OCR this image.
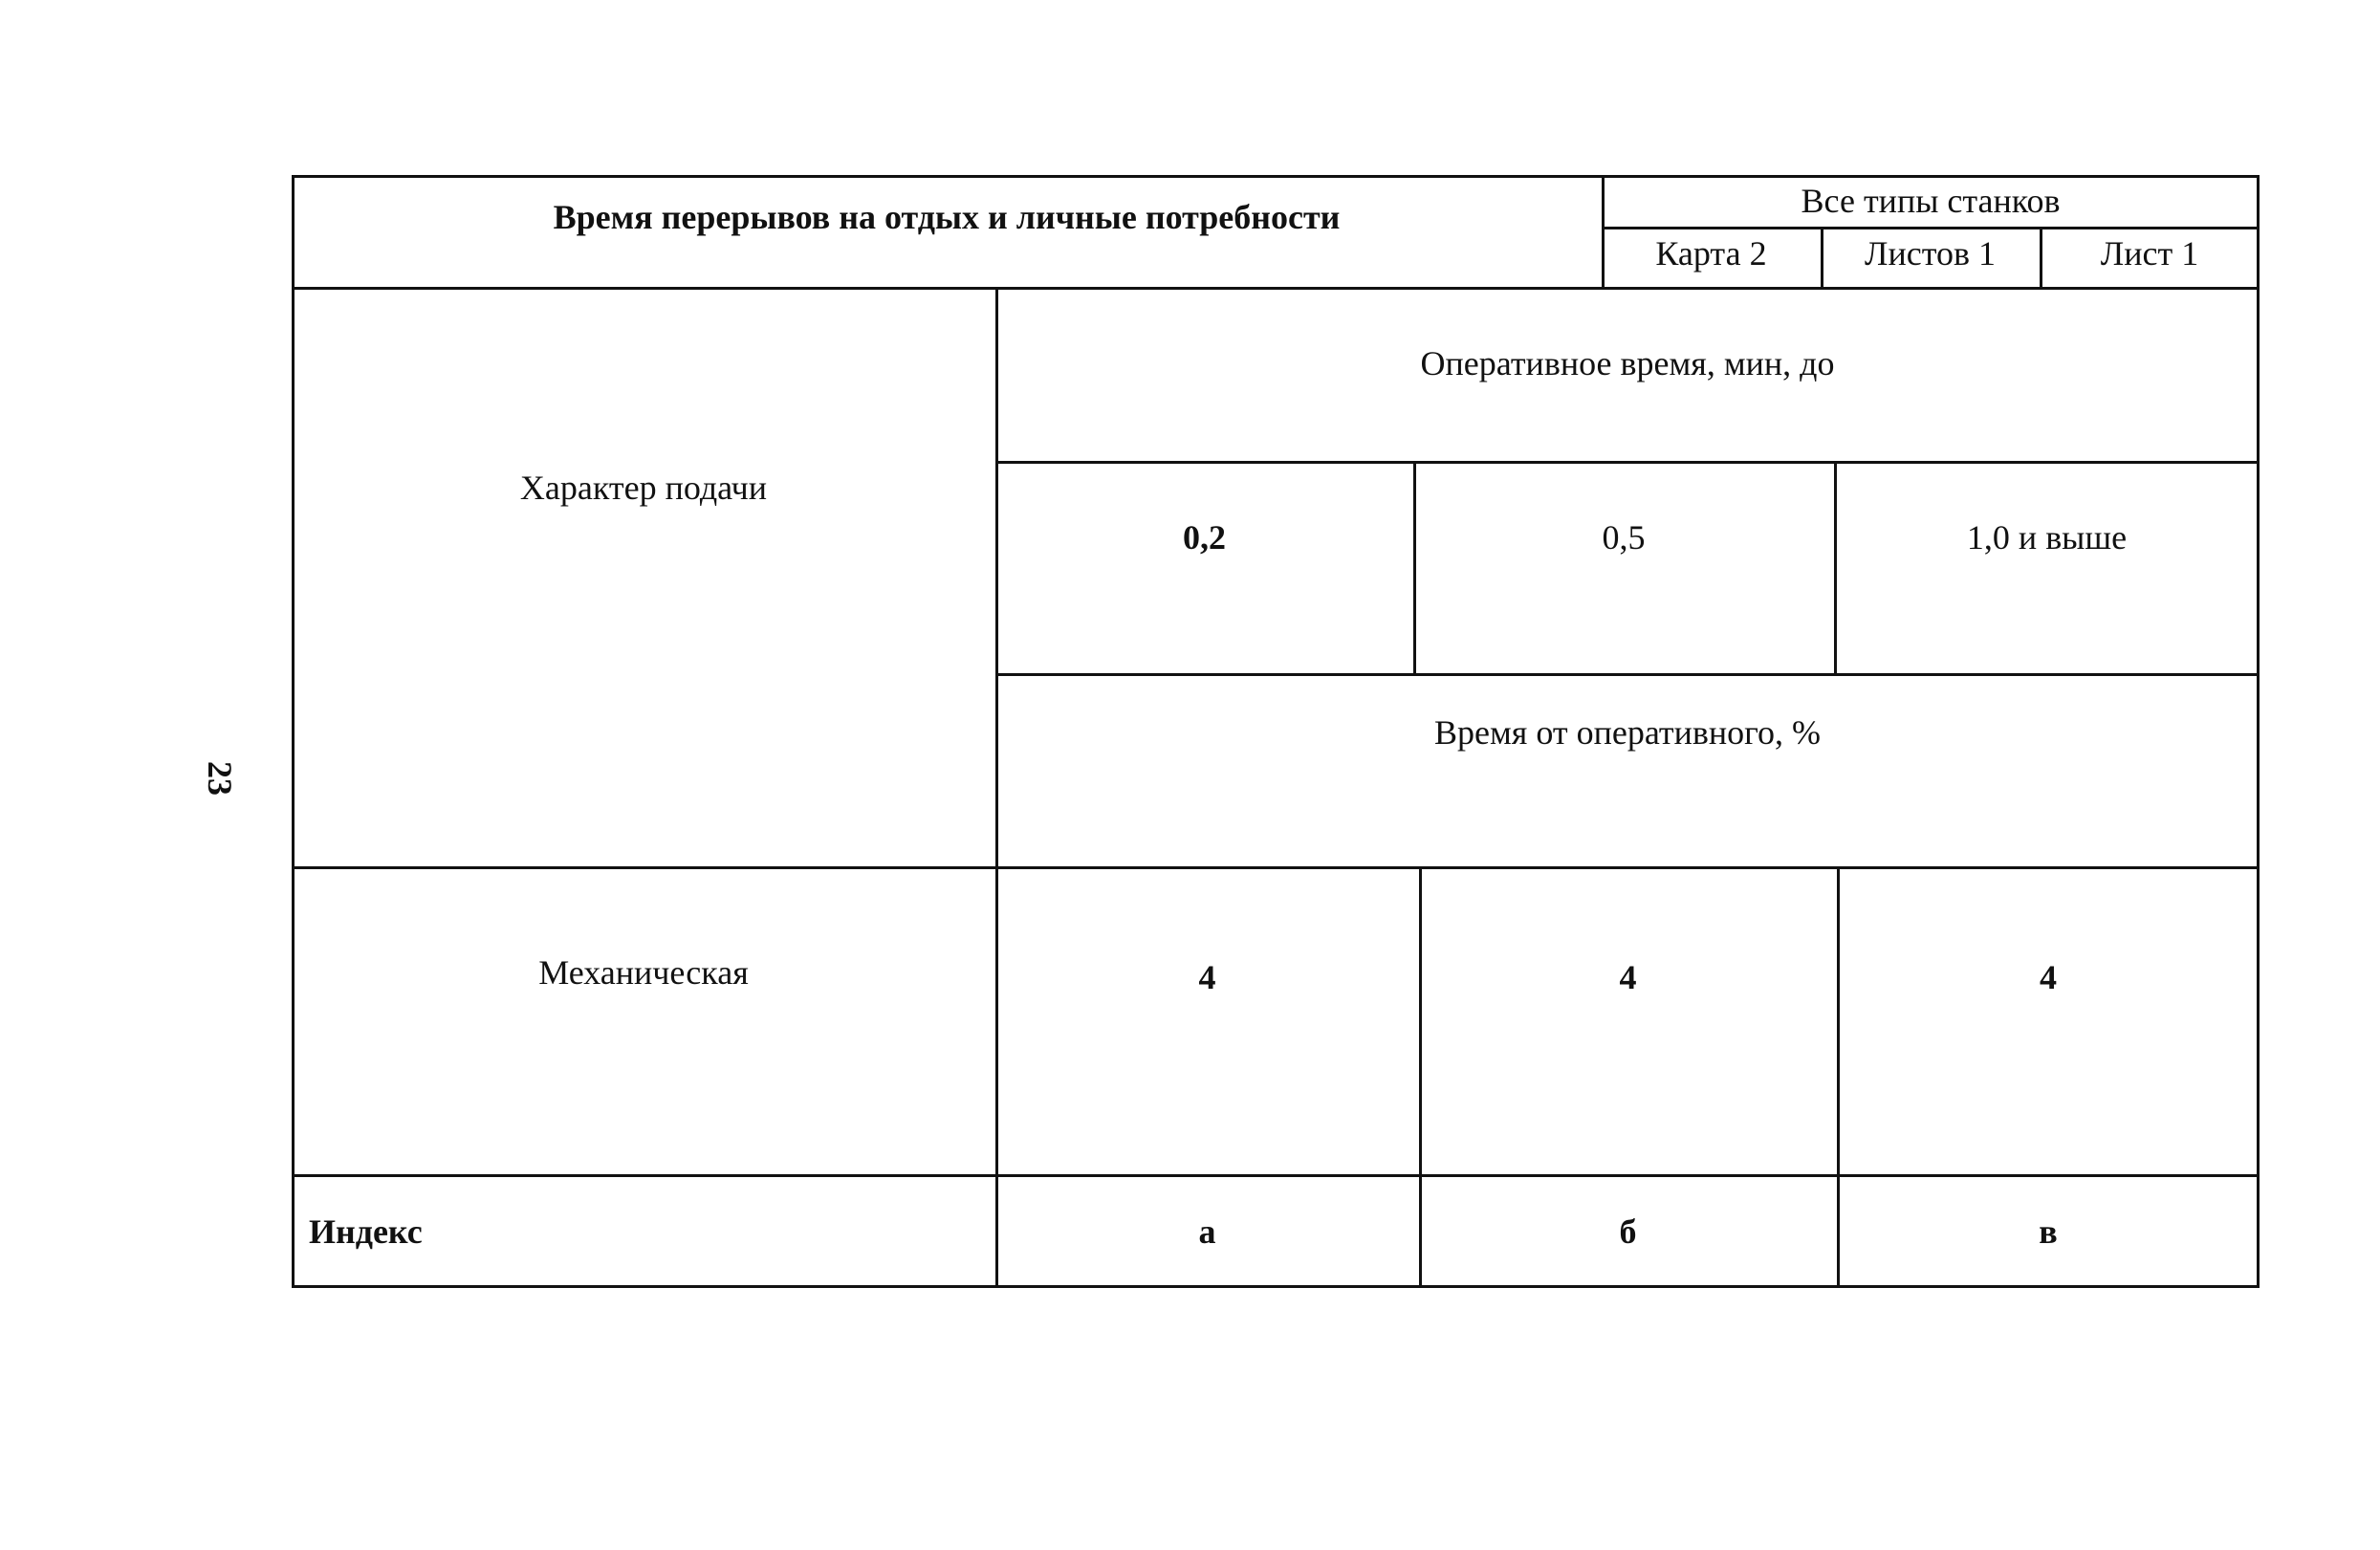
23
Время перерывов на отдых и личные потребности	Все типы станков
Карта 2	Листов 1	Лист 1
Характер подачи
Оперативное время, мин, до
0,2	0,5	1,0 и выше
Время от оперативного, %
Механическая	4	4	4
Индекс	а	б	в
